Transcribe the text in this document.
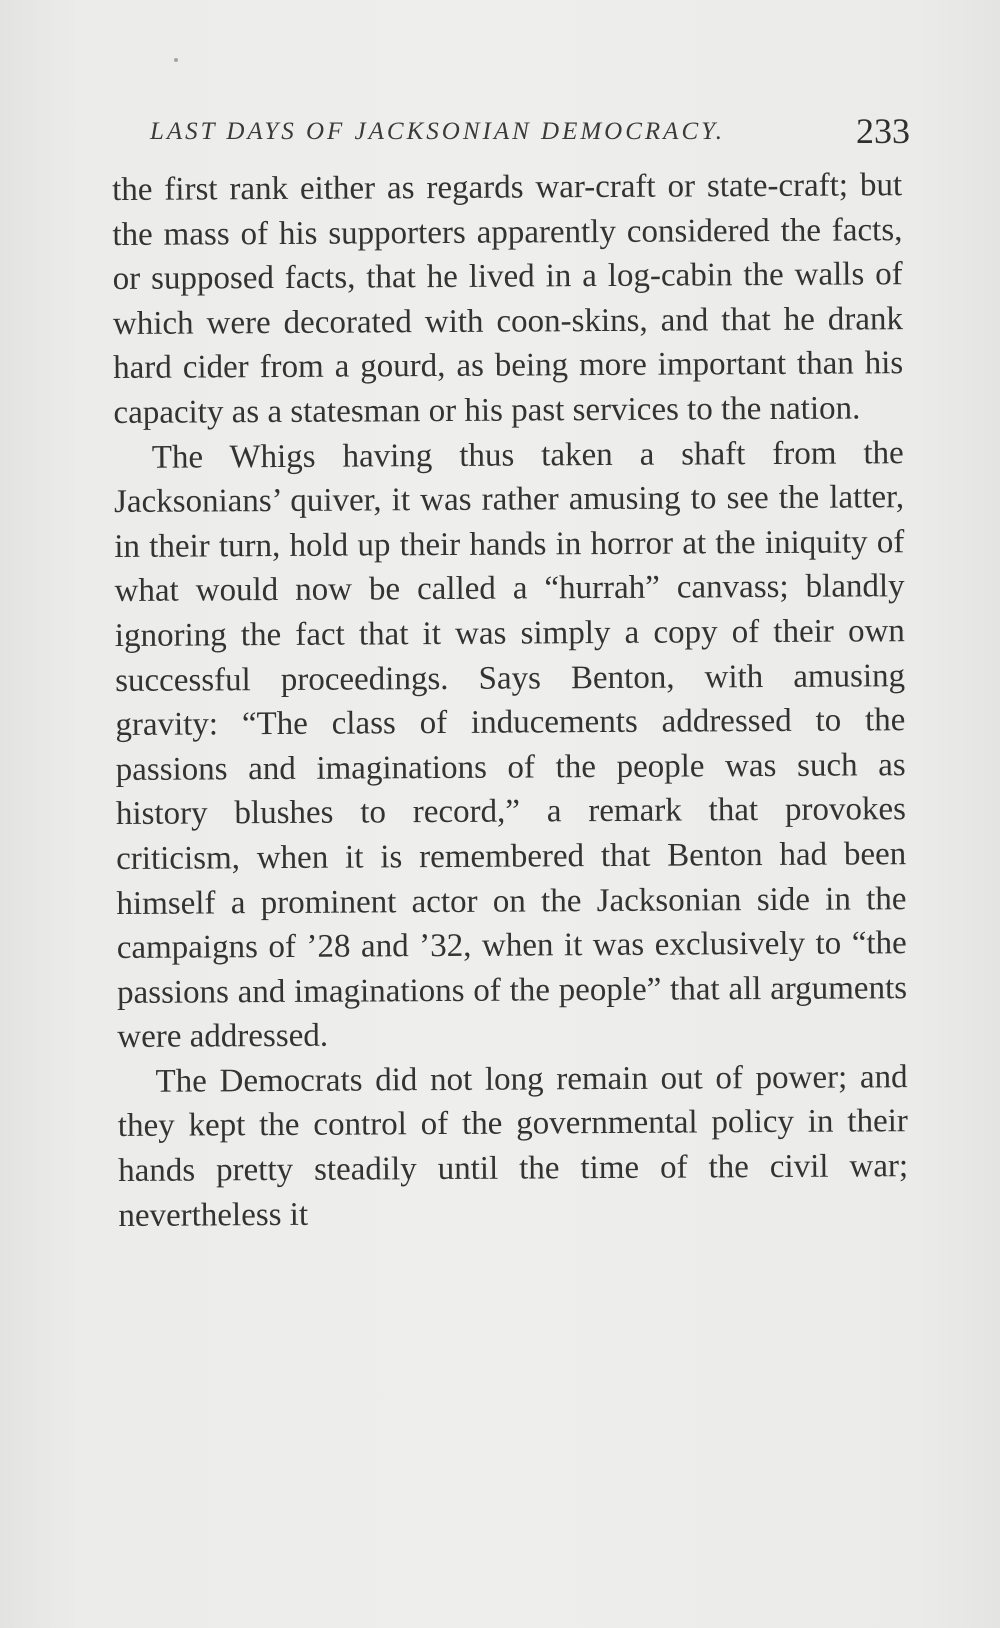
LAST DAYS OF JACKSONIAN DEMOCRACY.	233

the first rank either as regards war-craft or state-craft; but the mass of his supporters apparently considered the facts, or supposed facts, that he lived in a log-cabin the walls of which were decorated with coon-skins, and that he drank hard cider from a gourd, as being more important than his capacity as a statesman or his past services to the nation.

The Whigs having thus taken a shaft from the Jacksonians’ quiver, it was rather amusing to see the latter, in their turn, hold up their hands in horror at the iniquity of what would now be called a “hurrah” canvass; blandly ignoring the fact that it was simply a copy of their own successful proceedings. Says Benton, with amusing gravity: “The class of inducements addressed to the passions and imaginations of the people was such as history blushes to record,” a remark that provokes criticism, when it is remembered that Benton had been himself a prominent actor on the Jacksonian side in the campaigns of ’28 and ’32, when it was exclusively to “the passions and imaginations of the people” that all arguments were addressed.

The Democrats did not long remain out of power; and they kept the control of the governmental policy in their hands pretty steadily until the time of the civil war; nevertheless it
